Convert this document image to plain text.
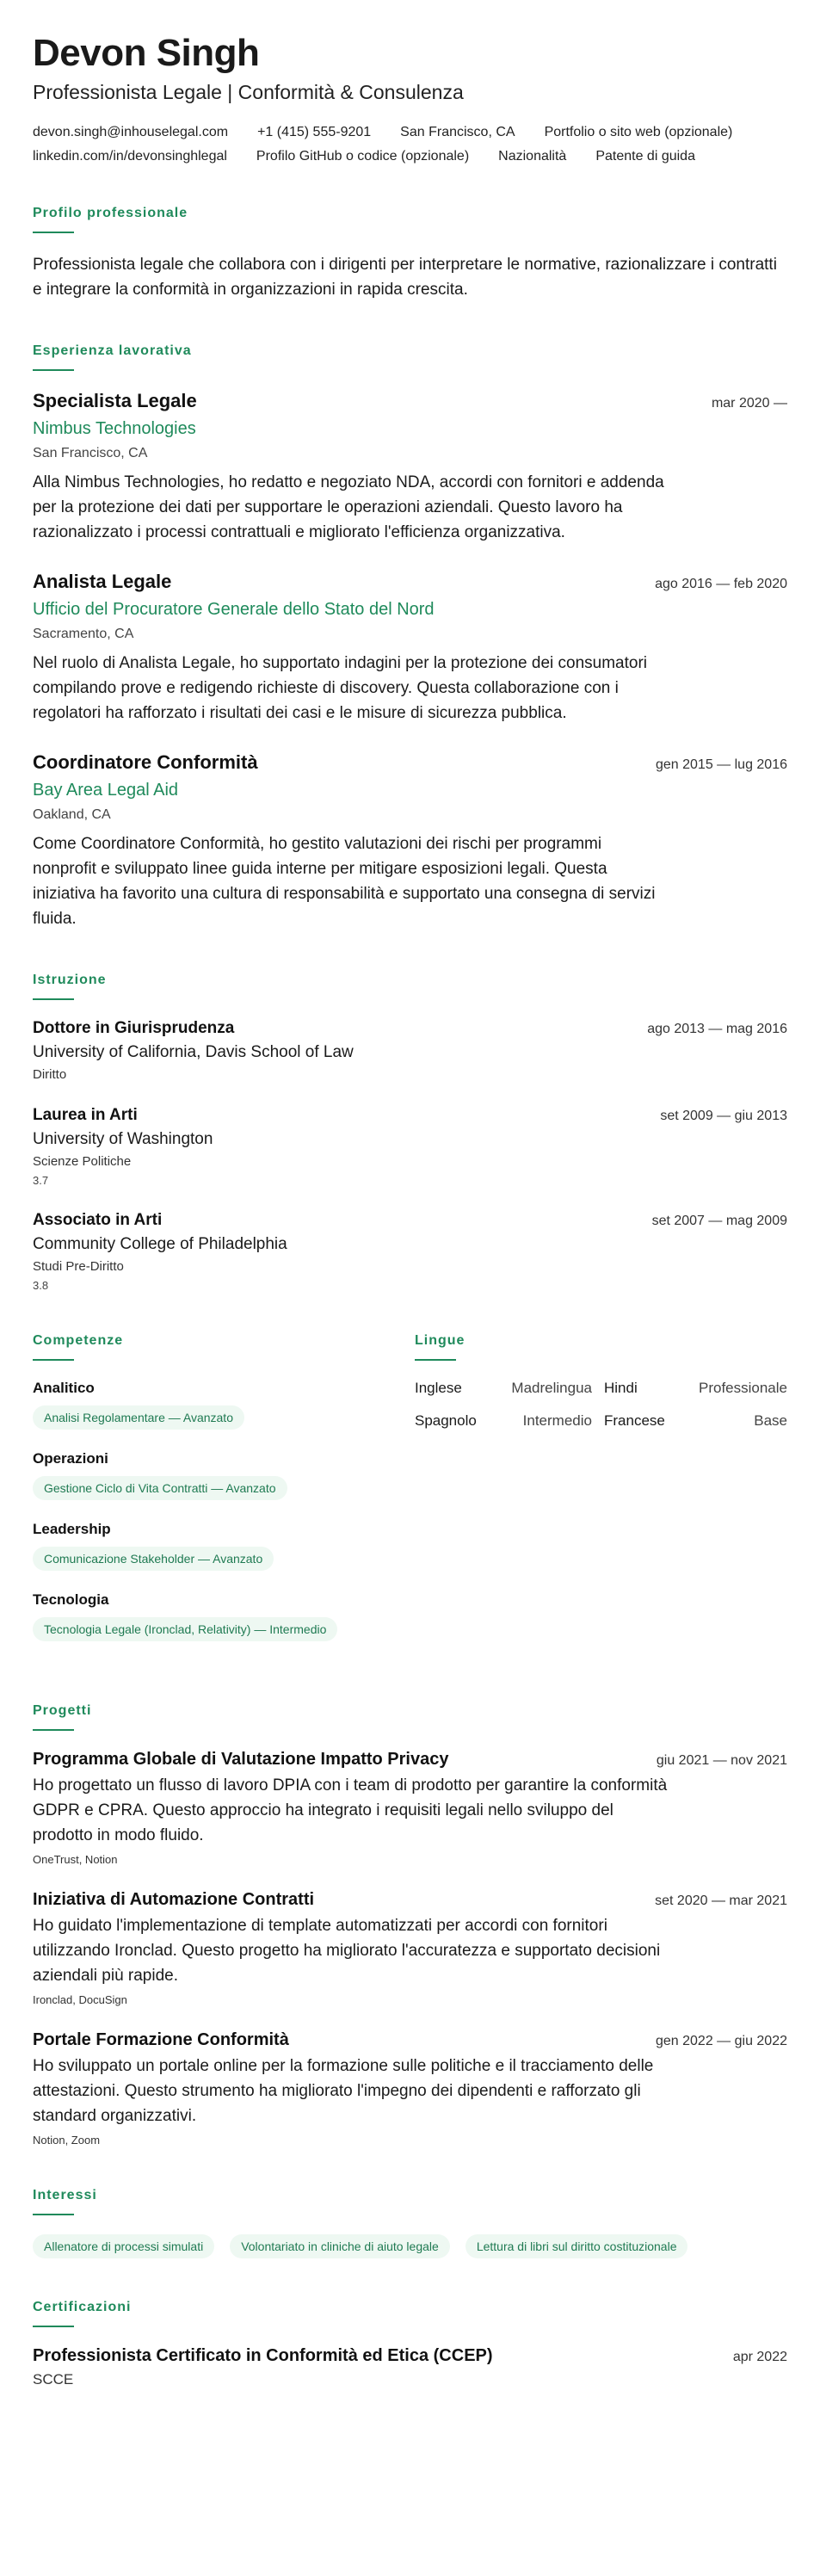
Devon Singh
Professionista Legale | Conformità & Consulenza
devon.singh@inhouselegal.com +1 (415) 555-9201 San Francisco, CA Portfolio o sito web (opzionale)
linkedin.com/in/devonsinghlegal Profilo GitHub o codice (opzionale) Nazionalità Patente di guida
Profilo professionale
Professionista legale che collabora con i dirigenti per interpretare le normative, razionalizzare i contratti e integrare la conformità in organizzazioni in rapida crescita.
Esperienza lavorativa
Specialista Legale	mar 2020 —
Nimbus Technologies
San Francisco, CA
Alla Nimbus Technologies, ho redatto e negoziato NDA, accordi con fornitori e addenda per la protezione dei dati per supportare le operazioni aziendali. Questo lavoro ha razionalizzato i processi contrattuali e migliorato l'efficienza organizzativa.
Analista Legale	ago 2016 — feb 2020
Ufficio del Procuratore Generale dello Stato del Nord
Sacramento, CA
Nel ruolo di Analista Legale, ho supportato indagini per la protezione dei consumatori compilando prove e redigendo richieste di discovery. Questa collaborazione con i regolatori ha rafforzato i risultati dei casi e le misure di sicurezza pubblica.
Coordinatore Conformità	gen 2015 — lug 2016
Bay Area Legal Aid
Oakland, CA
Come Coordinatore Conformità, ho gestito valutazioni dei rischi per programmi nonprofit e sviluppato linee guida interne per mitigare esposizioni legali. Questa iniziativa ha favorito una cultura di responsabilità e supportato una consegna di servizi fluida.
Istruzione
Dottore in Giurisprudenza	ago 2013 — mag 2016
University of California, Davis School of Law
Diritto
Laurea in Arti	set 2009 — giu 2013
University of Washington
Scienze Politiche
3.7
Associato in Arti	set 2007 — mag 2009
Community College of Philadelphia
Studi Pre-Diritto
3.8
Competenze
Analitico
Analisi Regolamentare — Avanzato
Operazioni
Gestione Ciclo di Vita Contratti — Avanzato
Leadership
Comunicazione Stakeholder — Avanzato
Tecnologia
Tecnologia Legale (Ironclad, Relativity) — Intermedio
Lingue
Inglese	Madrelingua Hindi	Professionale
Spagnolo	Intermedio Francese	Base
Progetti
Programma Globale di Valutazione Impatto Privacy	giu 2021 — nov 2021
Ho progettato un flusso di lavoro DPIA con i team di prodotto per garantire la conformità GDPR e CPRA. Questo approccio ha integrato i requisiti legali nello sviluppo del prodotto in modo fluido.
OneTrust, Notion
Iniziativa di Automazione Contratti	set 2020 — mar 2021
Ho guidato l'implementazione di template automatizzati per accordi con fornitori utilizzando Ironclad. Questo progetto ha migliorato l'accuratezza e supportato decisioni aziendali più rapide.
Ironclad, DocuSign
Portale Formazione Conformità	gen 2022 — giu 2022
Ho sviluppato un portale online per la formazione sulle politiche e il tracciamento delle attestazioni. Questo strumento ha migliorato l'impegno dei dipendenti e rafforzato gli standard organizzativi.
Notion, Zoom
Interessi
Allenatore di processi simulati	Volontariato in cliniche di aiuto legale	Lettura di libri sul diritto costituzionale
Certificazioni
Professionista Certificato in Conformità ed Etica (CCEP)	apr 2022
SCCE
